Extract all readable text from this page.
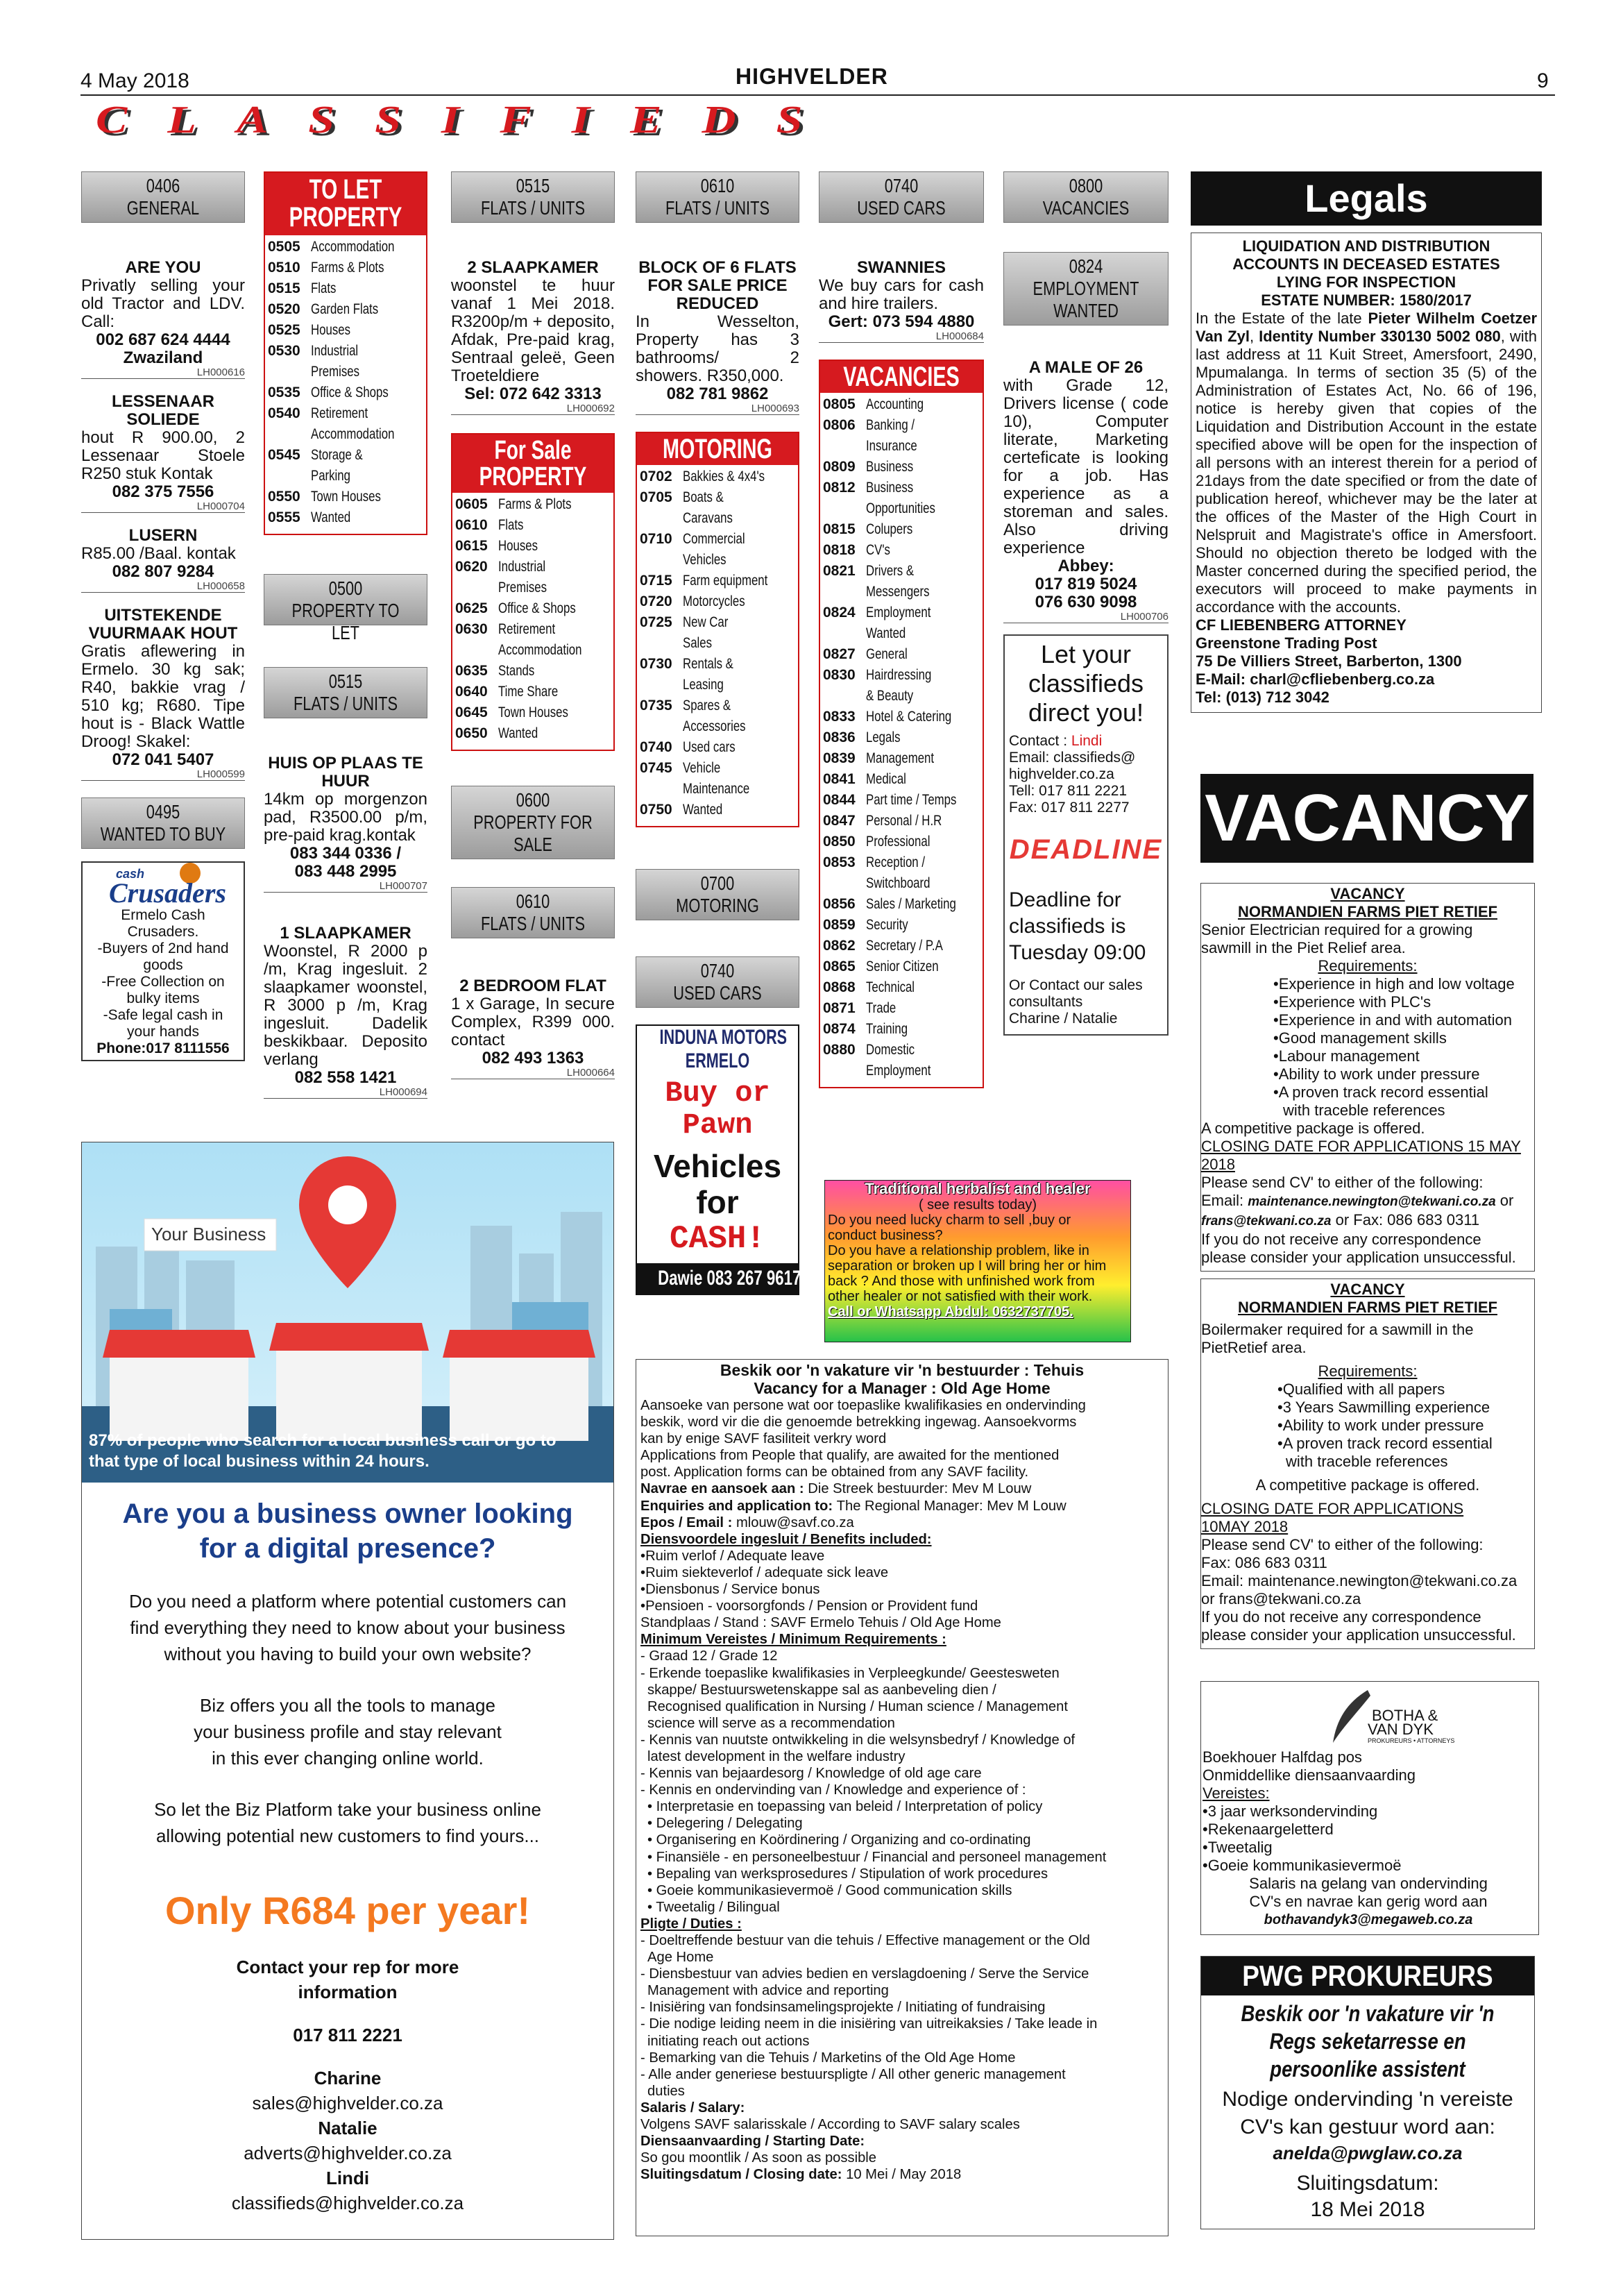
4 May 2018	HIGHVELDER	9
CLASSIFIEDS
0406
GENERAL
ARE YOU
Privatly selling your old Tractor and LDV. Call:
002 687 624 4444
Zwaziland
LH000616
LESSENAAR
SOLIEDE
hout R 900.00, 2 Lessenaar Stoele R250 stuk Kontak
082 375 7556
LH000704
LUSERN
R85.00 /Baal. kontak
082 807 9284
LH000658
UITSTEKENDE VUURMAAK HOUT
Gratis aflewering in Ermelo. 30 kg sak; R40, bakkie vrag / 510 kg; R680. Tipe hout is - Black Wattle Droog! Skakel:
072 041 5407
LH000599
0495
WANTED TO BUY
cash
Crusaders
Ermelo Cash
Crusaders.
-Buyers of 2nd hand
goods
-Free Collection on
bulky items
-Safe legal cash in
your hands
Phone:017 8111556
TO LET PROPERTY
0505 Accommodation
0510 Farms & Plots
0515 Flats
0520 Garden Flats
0525 Houses
0530 Industrial
Premises
0535 Office & Shops
0540 Retirement
Accommodation
0545 Storage &
Parking
0550 Town Houses
0555 Wanted
0500
PROPERTY TO LET
0515
FLATS / UNITS
HUIS OP PLAAS TE HUUR
14km op morgenzon pad, R3500.00 p/m, pre-paid krag.kontak
083 344 0336 /
083 448 2995
LH000707
1 SLAAPKAMER
Woonstel, R 2000 p /m, Krag ingesluit. 2 slaapkamer woonstel, R 3000 p /m, Krag ingesluit. Dadelik beskikbaar. Deposito verlang
082 558 1421
LH000694
0515
FLATS / UNITS
2 SLAAPKAMER
woonstel te huur vanaf 1 Mei 2018. R3200p/m + deposito, Afdak, Pre-paid krag, Sentraal geleë, Geen Troeteldiere
Sel: 072 642 3313
LH000692
For Sale PROPERTY
0605 Farms & Plots
0610 Flats
0615 Houses
0620 Industrial
Premises
0625 Office & Shops
0630 Retirement
Accommodation
0635 Stands
0640 Time Share
0645 Town Houses
0650 Wanted
0600
PROPERTY FOR
SALE
0610
FLATS / UNITS
2 BEDROOM FLAT
1 x Garage, In secure Complex, R399 000. contact
082 493 1363
LH000664
0610
FLATS / UNITS
BLOCK OF 6 FLATS FOR SALE PRICE REDUCED
In Wesselton, Property has 3 bathrooms/ 2 showers. R350,000.
082 781 9862
LH000693
MOTORING
0702 Bakkies & 4x4's
0705 Boats &
Caravans
0710 Commercial
Vehicles
0715 Farm equipment
0720 Motorcycles
0725 New Car
Sales
0730 Rentals &
Leasing
0735 Spares &
Accessories
0740 Used cars
0745 Vehicle
Maintenance
0750 Wanted
0700
MOTORING
0740
USED CARS
INDUNA MOTORS
ERMELO
Buy or
Pawn
Vehicles
for
CASH!
Dawie 083 267 9617
0740
USED CARS
SWANNIES
We buy cars for cash and hire trailers.
Gert: 073 594 4880
LH000684
VACANCIES
0805 Accounting
0806 Banking /
Insurance
0809 Business
0812 Business
Opportunities
0815 Colupers
0818 CV's
0821 Drivers &
Messengers
0824 Employment
Wanted
0827 General
0830 Hairdressing
& Beauty
0833 Hotel & Catering
0836 Legals
0839 Management
0841 Medical
0844 Part time / Temps
0847 Personal / H.R
0850 Professional
0853 Reception /
Switchboard
0856 Sales / Marketing
0859 Security
0862 Secretary / P.A
0865 Senior Citizen
0868 Technical
0871 Trade
0874 Training
0880 Domestic
Employment
0800
VACANCIES
0824
EMPLOYMENT
WANTED
A MALE OF 26
with Grade 12, Drivers license ( code 10), Computer literate, Marketing certeficate is looking for a job. Has experience as a storeman and sales. Also driving experience
Abbey:
017 819 5024
076 630 9098
LH000706
Let your
classifieds
direct you!
Contact : Lindi
Email: classifieds@
highvelder.co.za
Tell: 017 811 2221
Fax: 017 811 2277
DEADLINE
Deadline for
classifieds is
Tuesday 09:00
Or Contact our sales
consultants
Charine / Natalie
Traditional herbalist and healer
( see results today)
Do you need lucky charm to sell ,buy or
conduct business?
Do you have a relationship problem, like in
separation or broken up I will bring her or him
back ? And those with unfinished work from
other healer or not satisfied with their work.
Call or Whatsapp Abdul: 0632737705.
Your Business
87% of people who search for a local business call or go to
that type of local business within 24 hours.
Are you a business owner looking
for a digital presence?
Do you need a platform where potential customers can
find everything they need to know about your business
without you having to build your own website?
Biz offers you all the tools to manage
your business profile and stay relevant
in this ever changing online world.
So let the Biz Platform take your business online
allowing potential new customers to find yours...
Only R684 per year!
Contact your rep for more
information
017 811 2221
Charine
sales@highvelder.co.za
Natalie
adverts@highvelder.co.za
Lindi
classifieds@highvelder.co.za
Beskik oor 'n vakature vir 'n bestuurder : Tehuis
Vacancy for a Manager : Old Age Home
Aansoeke van persone wat oor toepaslike kwalifikasies en ondervinding
beskik, word vir die die genoemde betrekking ingewag. Aansoekvorms
kan by enige SAVF fasiliteit verkry word
Applications from People that qualify, are awaited for the mentioned
post. Application forms can be obtained from any SAVF facility.
Navrae en aansoek aan : Die Streek bestuurder: Mev M Louw
Enquiries and application to: The Regional Manager: Mev M Louw
Epos / Email : mlouw@savf.co.za
Diensvoordele ingesluit / Benefits included:
•Ruim verlof / Adequate leave
•Ruim siekteverlof / adequate sick leave
•Diensbonus / Service bonus
•Pensioen - voorsorgfonds / Pension or Provident fund
Standplaas / Stand : SAVF Ermelo Tehuis / Old Age Home
Minimum Vereistes / Minimum Requirements :
- Graad 12 / Grade 12
- Erkende toepaslike kwalifikasies in Verpleegkunde/ Geestesweten
skappe/ Bestuurswetenskappe sal as aanbeveling dien /
Recognised qualification in Nursing / Human science / Management
science will serve as a recommendation
- Kennis van nuutste ontwikkeling in die welsynsbedryf / Knowledge of
latest development in the welfare industry
- Kennis van bejaardesorg / Knowledge of old age care
- Kennis en ondervinding van / Knowledge and experience of :
• Interpretasie en toepassing van beleid / Interpretation of policy
• Delegering / Delegating
• Organisering en Koördinering / Organizing and co-ordinating
• Finansiële - en personeelbestuur / Financial and personeel management
• Bepaling van werksprosedures / Stipulation of work procedures
• Goeie kommunikasievermoë / Good communication skills
• Tweetalig / Bilingual
Pligte / Duties :
- Doeltreffende bestuur van die tehuis / Effective management or the Old
Age Home
- Diensbestuur van advies bedien en verslagdoening / Serve the Service
Management with advice and reporting
- Inisiëring van fondsinsamelingsprojekte / Initiating of fundraising
- Die nodige leiding neem in die inisiëring van uitreikaksies / Take leade in
initiating reach out actions
- Bemarking van die Tehuis / Marketins of the Old Age Home
- Alle ander generiese bestuurspligte / All other generic management
duties
Salaris / Salary:
Volgens SAVF salarisskale / According to SAVF salary scales
Diensaanvaarding / Starting Date:
So gou moontlik / As soon as possible
Sluitingsdatum / Closing date: 10 Mei / May 2018
Legals
LIQUIDATION AND DISTRIBUTION
ACCOUNTS IN DECEASED ESTATES
LYING FOR INSPECTION
ESTATE NUMBER: 1580/2017
In the Estate of the late Pieter Wilhelm Coetzer Van Zyl, Identity Number 330130 5002 080, with last address at 11 Kuit Street, Amersfoort, 2490, Mpumalanga. In terms of section 35 (5) of the Administration of Estates Act, No. 66 of 196, notice is hereby given that copies of the Liquidation and Distribution Account in the estate specified above will be open for the inspection of all persons with an interest therein for a period of 21days from the date specified or from the date of publication hereof, whichever may be the later at the offices of the Master of the High Court in Nelspruit and Magistrate's office in Amersfoort. Should no objection thereto be lodged with the Master concerned during the specified period, the executors will proceed to make payments in accordance with the accounts.
CF LIEBENBERG ATTORNEY
Greenstone Trading Post
75 De Villiers Street, Barberton, 1300
E-Mail: charl@cfliebenberg.co.za
Tel: (013) 712 3042
VACANCY
VACANCY
NORMANDIEN FARMS PIET RETIEF
Senior Electrician required for a growing
sawmill in the Piet Relief area.
Requirements:
•Experience in high and low voltage
•Experience with PLC's
•Experience in and with automation
•Good management skills
•Labour management
•Ability to work under pressure
•A proven track record essential
with traceble references
A competitive package is offered.
CLOSING DATE FOR APPLICATIONS 15 MAY
2018
Please send CV' to either of the following:
Email: maintenance.newington@tekwani.co.za or
frans@tekwani.co.za or Fax: 086 683 0311
If you do not receive any correspondence
please consider your application unsuccessful.
VACANCY
NORMANDIEN FARMS PIET RETIEF
Boilermaker required for a sawmill in the
PietRetief area.
Requirements:
•Qualified with all papers
•3 Years Sawmilling experience
•Ability to work under pressure
•A proven track record essential
with traceble references
A competitive package is offered.
CLOSING DATE FOR APPLICATIONS
10MAY 2018
Please send CV' to either of the following:
Fax: 086 683 0311
Email: maintenance.newington@tekwani.co.za
or frans@tekwani.co.za
If you do not receive any correspondence
please consider your application unsuccessful.
BOTHA &
VAN DYK
PROKUREURS • ATTORNEYS
Boekhouer Halfdag pos
Onmiddellike diensaanvaarding
Vereistes:
•3 jaar werksondervinding
•Rekenaargeletterd
•Tweetalig
•Goeie kommunikasievermoë
Salaris na gelang van ondervinding
CV's en navrae kan gerig word aan
bothavandyk3@megaweb.co.za
PWG PROKUREURS
Beskik oor 'n vakature vir 'n
Regs seketarresse en
persoonlike assistent
Nodige ondervinding 'n vereiste
CV's kan gestuur word aan:
anelda@pwglaw.co.za
Sluitingsdatum:
18 Mei 2018
